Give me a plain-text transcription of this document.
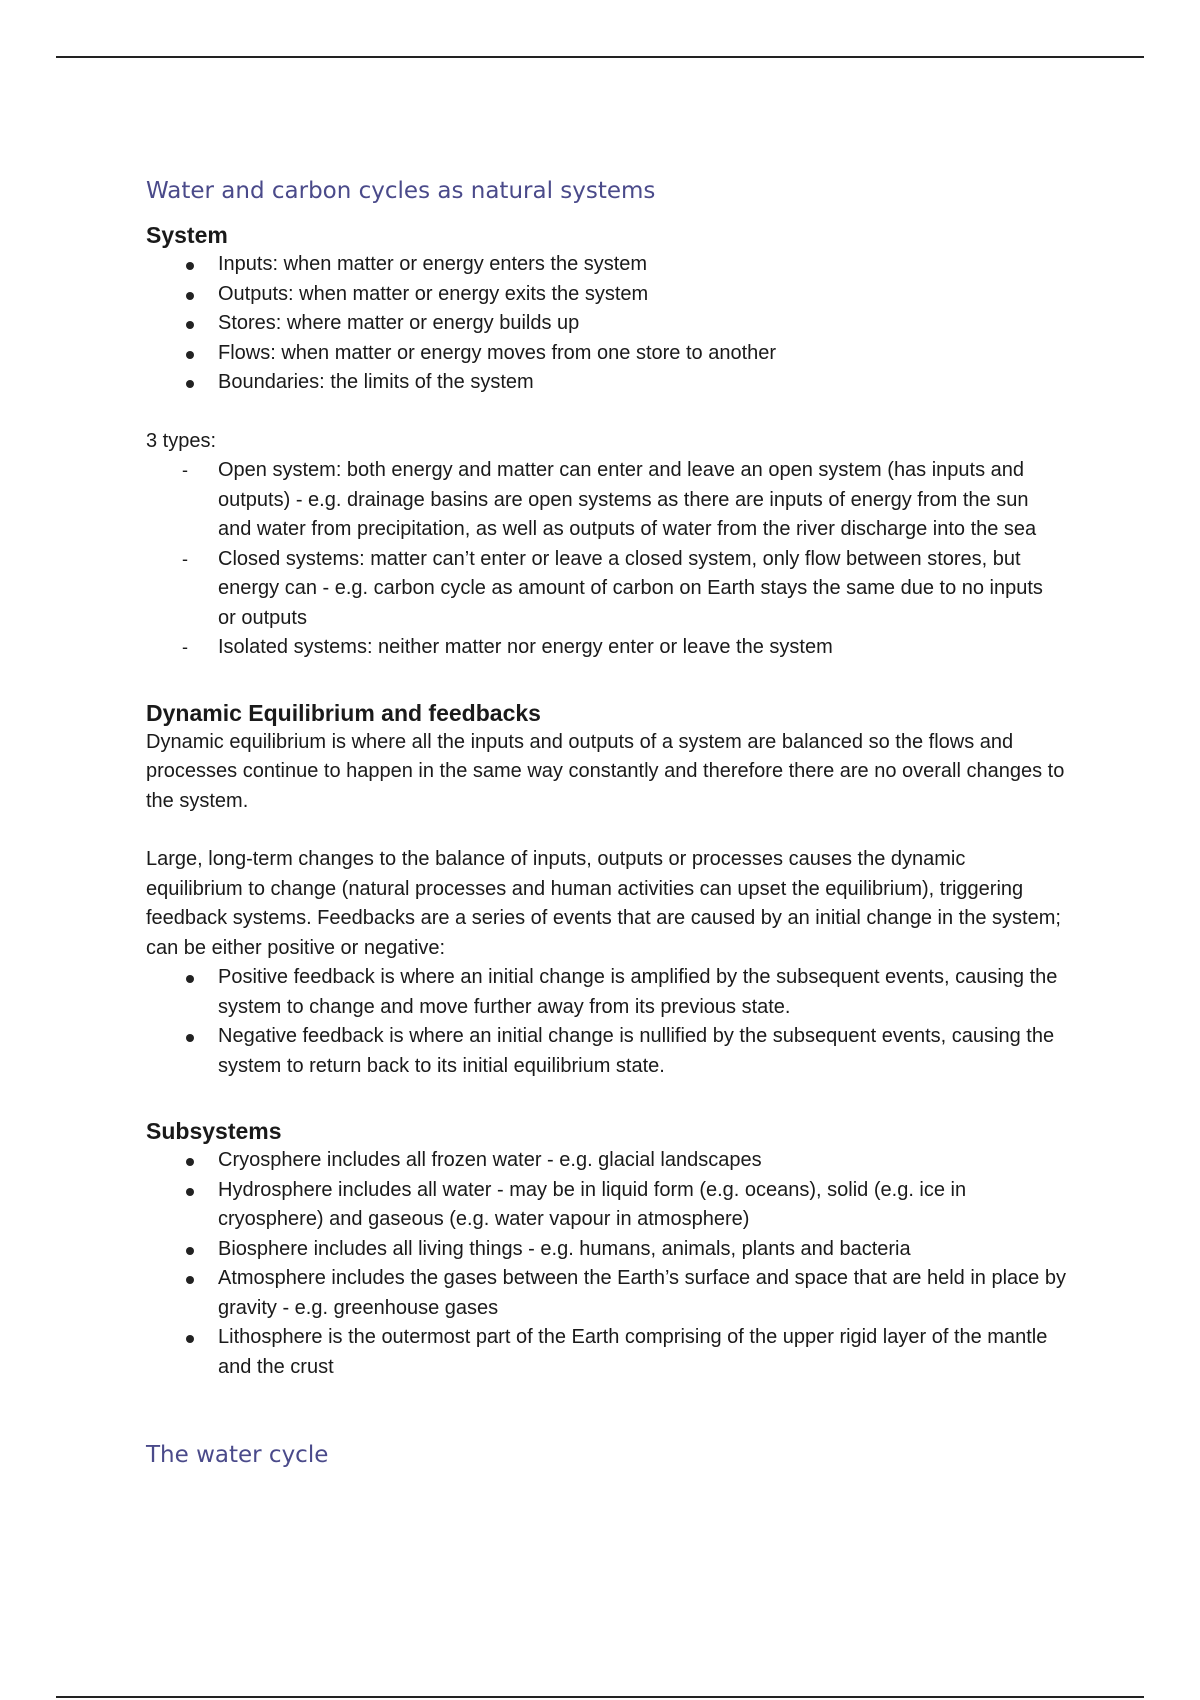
Water and carbon cycles as natural systems
System
Inputs: when matter or energy enters the system
Outputs: when matter or energy exits the system
Stores: where matter or energy builds up
Flows: when matter or energy moves from one store to another
Boundaries: the limits of the system

3 types:

- Open system: both energy and matter can enter and leave an open system (has inputs and outputs) - e.g. drainage basins are open systems as there are inputs of energy from the sun and water from precipitation, as well as outputs of water from the river discharge into the sea
- Closed systems: matter can’t enter or leave a closed system, only flow between stores, but energy can - e.g. carbon cycle as amount of carbon on Earth stays the same due to no inputs or outputs
- Isolated systems: neither matter nor energy enter or leave the system
Dynamic Equilibrium and feedbacks

Dynamic equilibrium is where all the inputs and outputs of a system are balanced so the flows and processes continue to happen in the same way constantly and therefore there are no overall changes to the system.

Large, long-term changes to the balance of inputs, outputs or processes causes the dynamic equilibrium to change (natural processes and human activities can upset the equilibrium), triggering feedback systems. Feedbacks are a series of events that are caused by an initial change in the system; can be either positive or negative:

Positive feedback is where an initial change is amplified by the subsequent events, causing the system to change and move further away from its previous state.
Negative feedback is where an initial change is nullified by the subsequent events, causing the system to return back to its initial equilibrium state.
Subsystems
Cryosphere includes all frozen water - e.g. glacial landscapes
Hydrosphere includes all water - may be in liquid form (e.g. oceans), solid (e.g. ice in cryosphere) and gaseous (e.g. water vapour in atmosphere)
Biosphere includes all living things - e.g. humans, animals, plants and bacteria
Atmosphere includes the gases between the Earth’s surface and space that are held in place by gravity - e.g. greenhouse gases
Lithosphere is the outermost part of the Earth comprising of the upper rigid layer of the mantle and the crust
The water cycle
